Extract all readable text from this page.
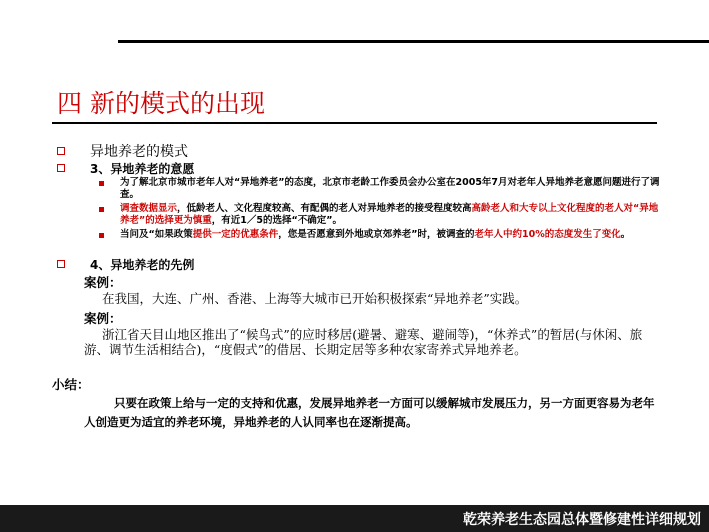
四 新的模式的出现
异地养老的模式
3、异地养老的意愿
为了解北京市城市老年人对“异地养老”的态度，北京市老龄工作委员会办公室在2005年7月对老年人异地养老意愿问题进行了调查。
调查数据显示，低龄老人、文化程度较高、有配偶的老人对异地养老的接受程度较高高龄老人和大专以上文化程度的老人对“异地养老”的选择更为慎重，有近1／5的选择“不确定”。
当问及“如果政策提供一定的优惠条件，您是否愿意到外地或京郊养老”时，被调查的老年人中约10%的态度发生了变化。
4、异地养老的先例
案例：
在我国，大连、广州、香港、上海等大城市已开始积极探索“异地养老”实践。
案例：
浙江省天目山地区推出了“候鸟式”的应时移居(避暑、避寒、避闹等)，“休养式”的暂居(与休闲、旅游、调节生活相结合)，“度假式”的借居、长期定居等多种农家寄养式异地养老。
小结：
只要在政策上给与一定的支持和优惠，发展异地养老一方面可以缓解城市发展压力，另一方面更容易为老年人创造更为适宜的养老环境，异地养老的人认同率也在逐渐提高。
乾荣养老生态园总体暨修建性详细规划
